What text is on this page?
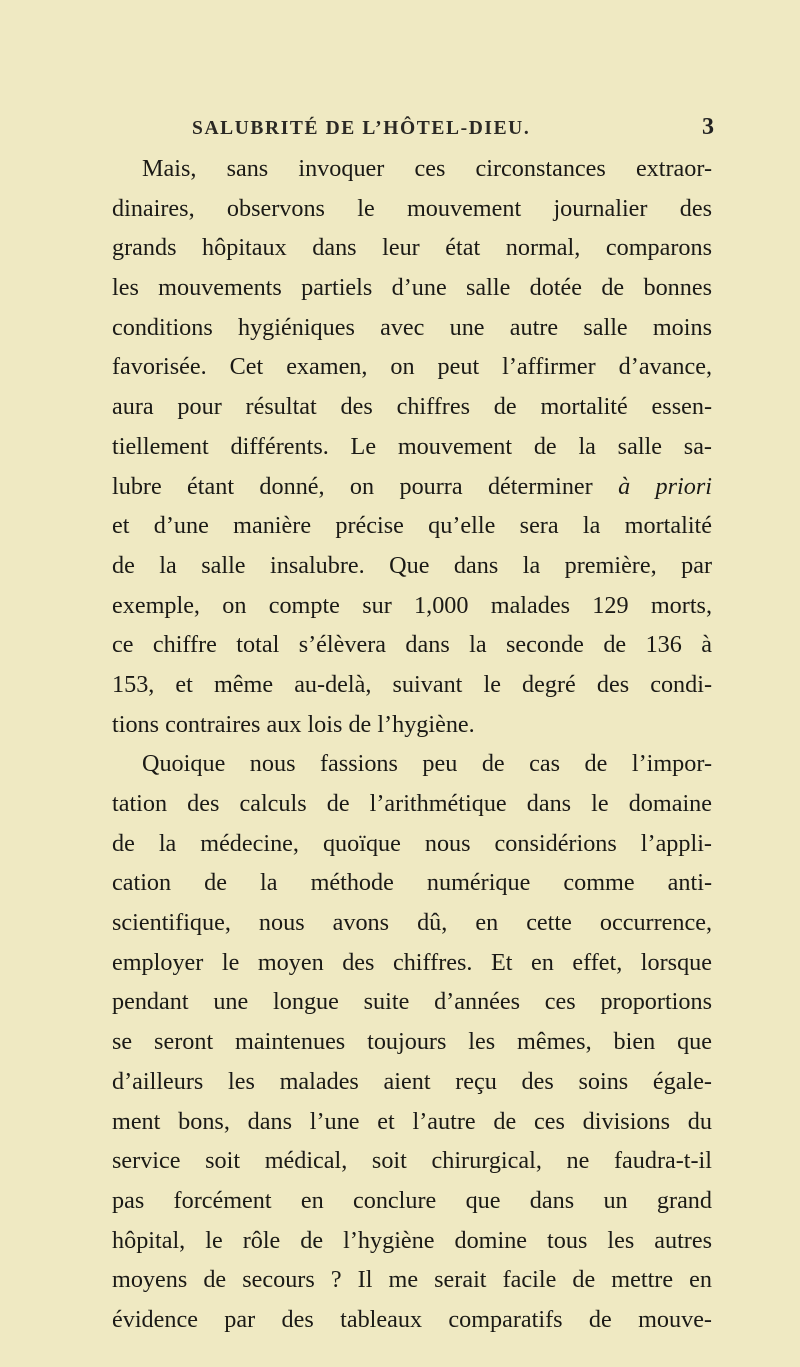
SALUBRITÉ DE L’HÔTEL-DIEU.	3
Mais, sans invoquer ces circonstances extraor-
dinaires, observons le mouvement journalier des
grands hôpitaux dans leur état normal, comparons
les mouvements partiels d’une salle dotée de bonnes
conditions hygiéniques avec une autre salle moins
favorisée. Cet examen, on peut l’affirmer d’avance,
aura pour résultat des chiffres de mortalité essen-
tiellement différents. Le mouvement de la salle sa-
lubre étant donné, on pourra déterminer à priori
et d’une manière précise qu’elle sera la mortalité
de la salle insalubre. Que dans la première, par
exemple, on compte sur 1,000 malades 129 morts,
ce chiffre total s’élèvera dans la seconde de 136 à
153, et même au-delà, suivant le degré des condi-
tions contraires aux lois de l’hygiène.
Quoique nous fassions peu de cas de l’impor-
tation des calculs de l’arithmétique dans le domaine
de la médecine, quoïque nous considérions l’appli-
cation de la méthode numérique comme anti-
scientifique, nous avons dû, en cette occurrence,
employer le moyen des chiffres. Et en effet, lorsque
pendant une longue suite d’années ces proportions
se seront maintenues toujours les mêmes, bien que
d’ailleurs les malades aient reçu des soins égale-
ment bons, dans l’une et l’autre de ces divisions du
service soit médical, soit chirurgical, ne faudra-t-il
pas forcément en conclure que dans un grand
hôpital, le rôle de l’hygiène domine tous les autres
moyens de secours ? Il me serait facile de mettre en
évidence par des tableaux comparatifs de mouve-
